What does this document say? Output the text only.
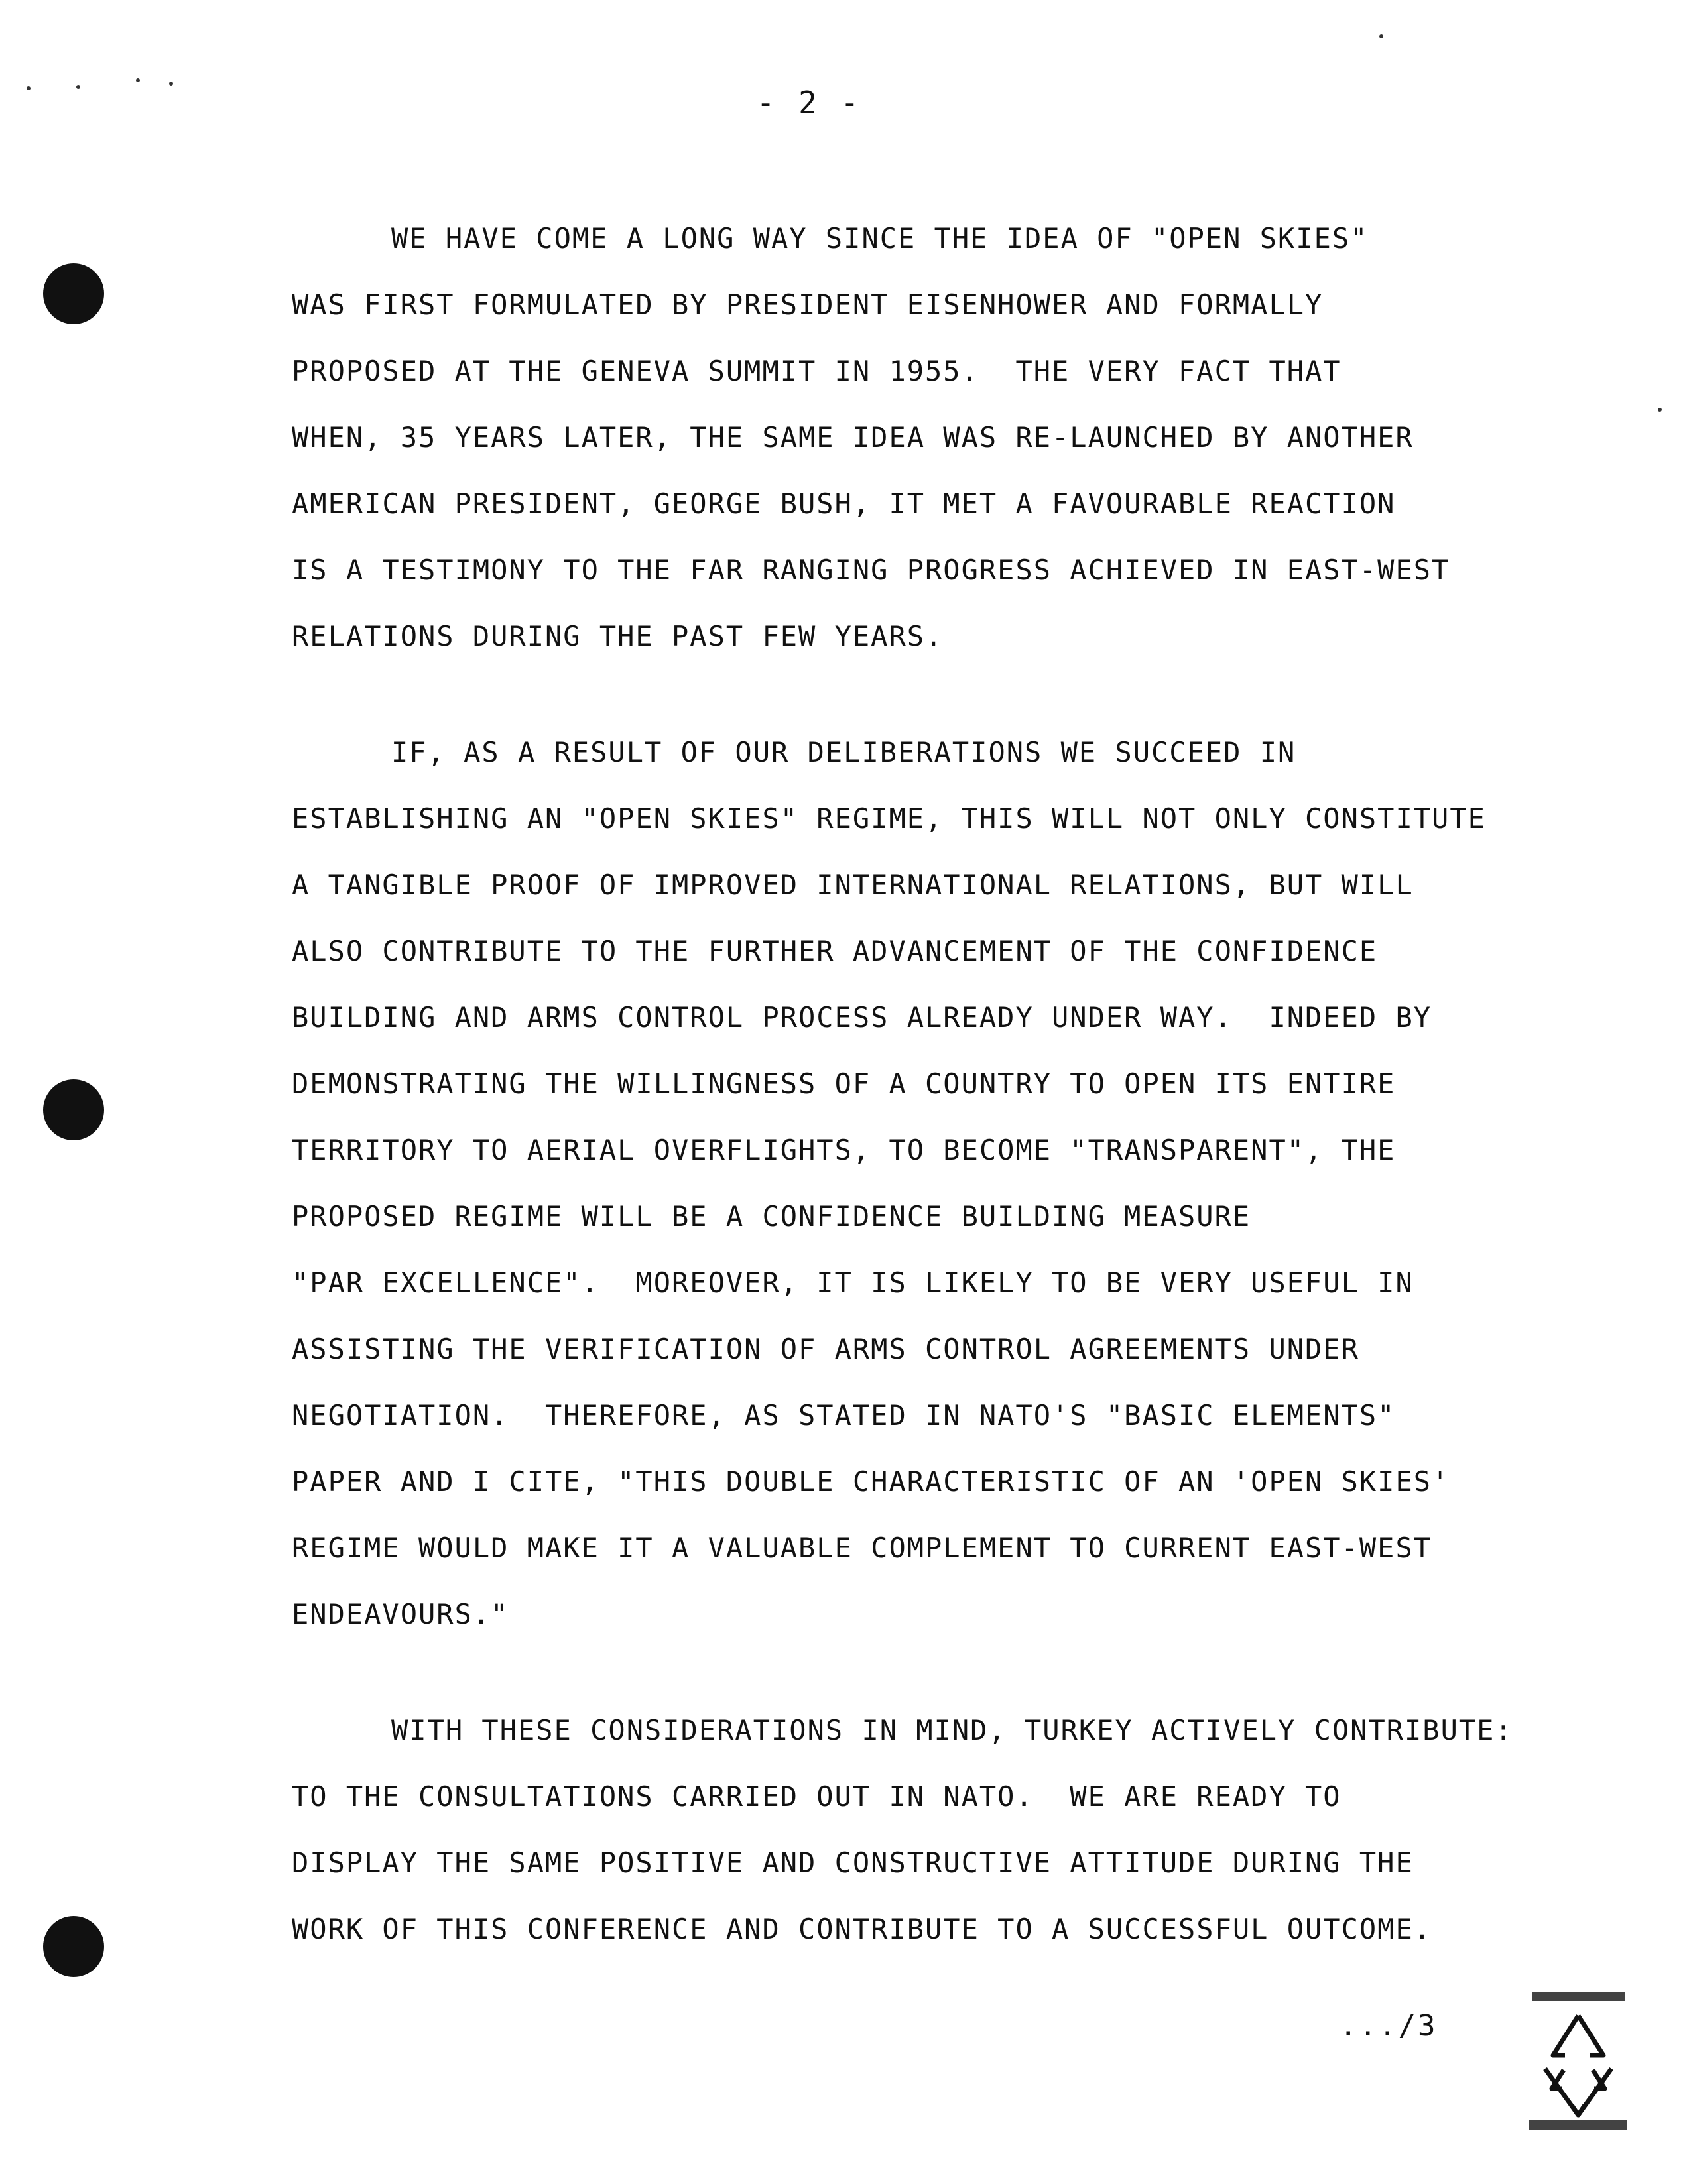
- 2 -
WE HAVE COME A LONG WAY SINCE THE IDEA OF "OPEN SKIES"
WAS FIRST FORMULATED BY PRESIDENT EISENHOWER AND FORMALLY
PROPOSED AT THE GENEVA SUMMIT IN 1955.  THE VERY FACT THAT
WHEN, 35 YEARS LATER, THE SAME IDEA WAS RE-LAUNCHED BY ANOTHER
AMERICAN PRESIDENT, GEORGE BUSH, IT MET A FAVOURABLE REACTION
IS A TESTIMONY TO THE FAR RANGING PROGRESS ACHIEVED IN EAST-WEST
RELATIONS DURING THE PAST FEW YEARS.
IF, AS A RESULT OF OUR DELIBERATIONS WE SUCCEED IN
ESTABLISHING AN "OPEN SKIES" REGIME, THIS WILL NOT ONLY CONSTITUTE
A TANGIBLE PROOF OF IMPROVED INTERNATIONAL RELATIONS, BUT WILL
ALSO CONTRIBUTE TO THE FURTHER ADVANCEMENT OF THE CONFIDENCE
BUILDING AND ARMS CONTROL PROCESS ALREADY UNDER WAY.  INDEED BY
DEMONSTRATING THE WILLINGNESS OF A COUNTRY TO OPEN ITS ENTIRE
TERRITORY TO AERIAL OVERFLIGHTS, TO BECOME "TRANSPARENT", THE
PROPOSED REGIME WILL BE A CONFIDENCE BUILDING MEASURE
"PAR EXCELLENCE".  MOREOVER, IT IS LIKELY TO BE VERY USEFUL IN
ASSISTING THE VERIFICATION OF ARMS CONTROL AGREEMENTS UNDER
NEGOTIATION.  THEREFORE, AS STATED IN NATO'S "BASIC ELEMENTS"
PAPER AND I CITE, "THIS DOUBLE CHARACTERISTIC OF AN 'OPEN SKIES'
REGIME WOULD MAKE IT A VALUABLE COMPLEMENT TO CURRENT EAST-WEST
ENDEAVOURS."
WITH THESE CONSIDERATIONS IN MIND, TURKEY ACTIVELY CONTRIBUTE:
TO THE CONSULTATIONS CARRIED OUT IN NATO.  WE ARE READY TO
DISPLAY THE SAME POSITIVE AND CONSTRUCTIVE ATTITUDE DURING THE
WORK OF THIS CONFERENCE AND CONTRIBUTE TO A SUCCESSFUL OUTCOME.
.../3
